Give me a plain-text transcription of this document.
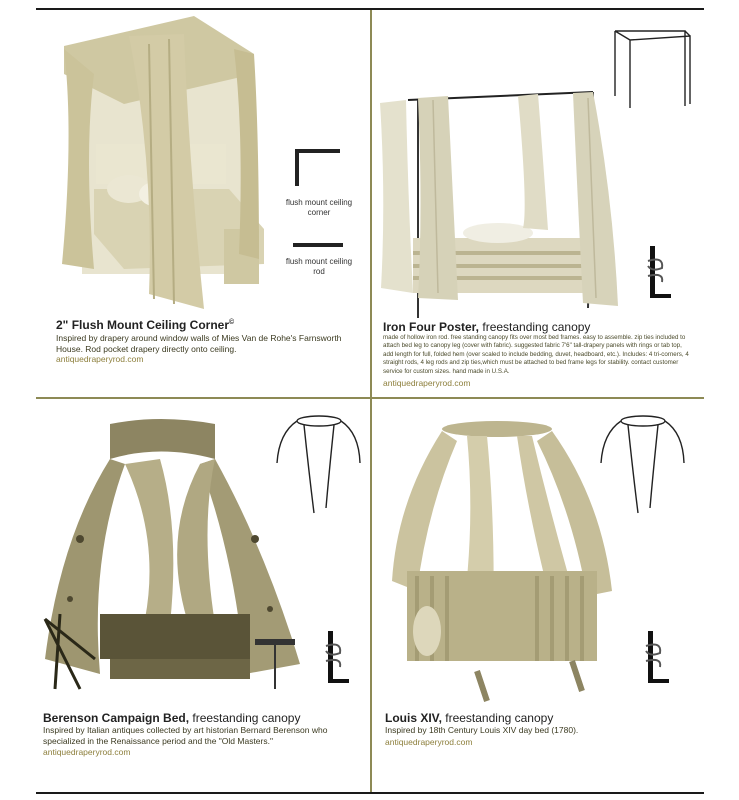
flush mount ceiling corner
flush mount ceiling rod
2" Flush Mount Ceiling Corner©
Inspired by drapery around window walls of Mies Van de Rohe's Farnsworth House. Rod pocket drapery directly onto ceiling.
antiquedraperyrod.com
Iron Four Poster, freestanding canopy
made of hollow iron rod. free standing canopy fits over most bed frames. easy to assemble. zip ties included to attach bed leg to canopy leg (cover with fabric). suggested fabric 7'6" tall-drapery panels with rings or tab top, add length for full, folded hem (over scaled to include bedding, duvet, headboard, etc.). Includes: 4 tri-corners, 4 straight rods, 4 leg rods and zip ties,which must be attached to bed frame legs for stability. contact customer service for custom sizes. hand made in U.S.A.
antiquedraperyrod.com
Berenson Campaign Bed, freestanding canopy
Inspired by Italian antiques collected by art historian Bernard Berenson who specialized in the Renaissance period and the "Old Masters."
antiquedraperyrod.com
Louis XIV, freestanding canopy
Inspired by 18th Century Louis XIV day bed (1780).
antiquedraperyrod.com
